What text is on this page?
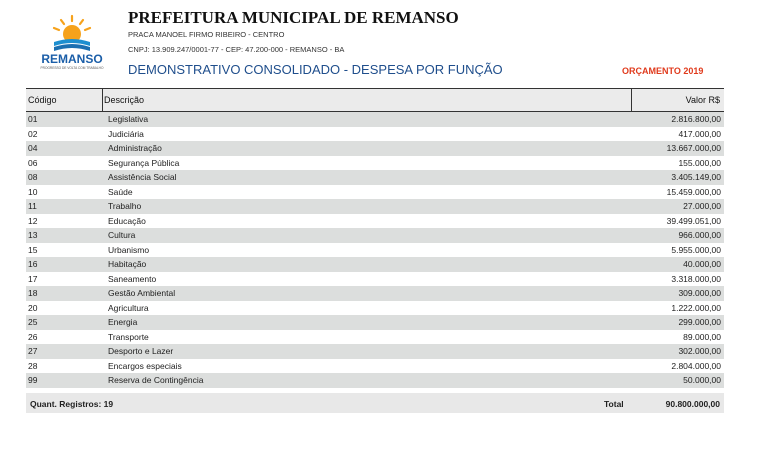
REMANSO
PROGRESSO DE VOLTA COM TRABALHO
PREFEITURA MUNICIPAL DE REMANSO
PRACA MANOEL FIRMO RIBEIRO - CENTRO
CNPJ: 13.909.247/0001-77 - CEP: 47.200-000 - REMANSO - BA
DEMONSTRATIVO CONSOLIDADO - DESPESA POR FUNÇÃO	ORÇAMENTO 2019
Código	Descrição	Valor R$
01	Legislativa	2.816.800,00
02	Judiciária	417.000,00
04	Administração	13.667.000,00
06	Segurança Pública	155.000,00
08	Assistência Social	3.405.149,00
10	Saúde	15.459.000,00
11	Trabalho	27.000,00
12	Educação	39.499.051,00
13	Cultura	966.000,00
15	Urbanismo	5.955.000,00
16	Habitação	40.000,00
17	Saneamento	3.318.000,00
18	Gestão Ambiental	309.000,00
20	Agricultura	1.222.000,00
25	Energia	299.000,00
26	Transporte	89.000,00
27	Desporto e Lazer	302.000,00
28	Encargos especiais	2.804.000,00
99	Reserva de Contingência	50.000,00
Quant. Registros: 19	Total	90.800.000,00
